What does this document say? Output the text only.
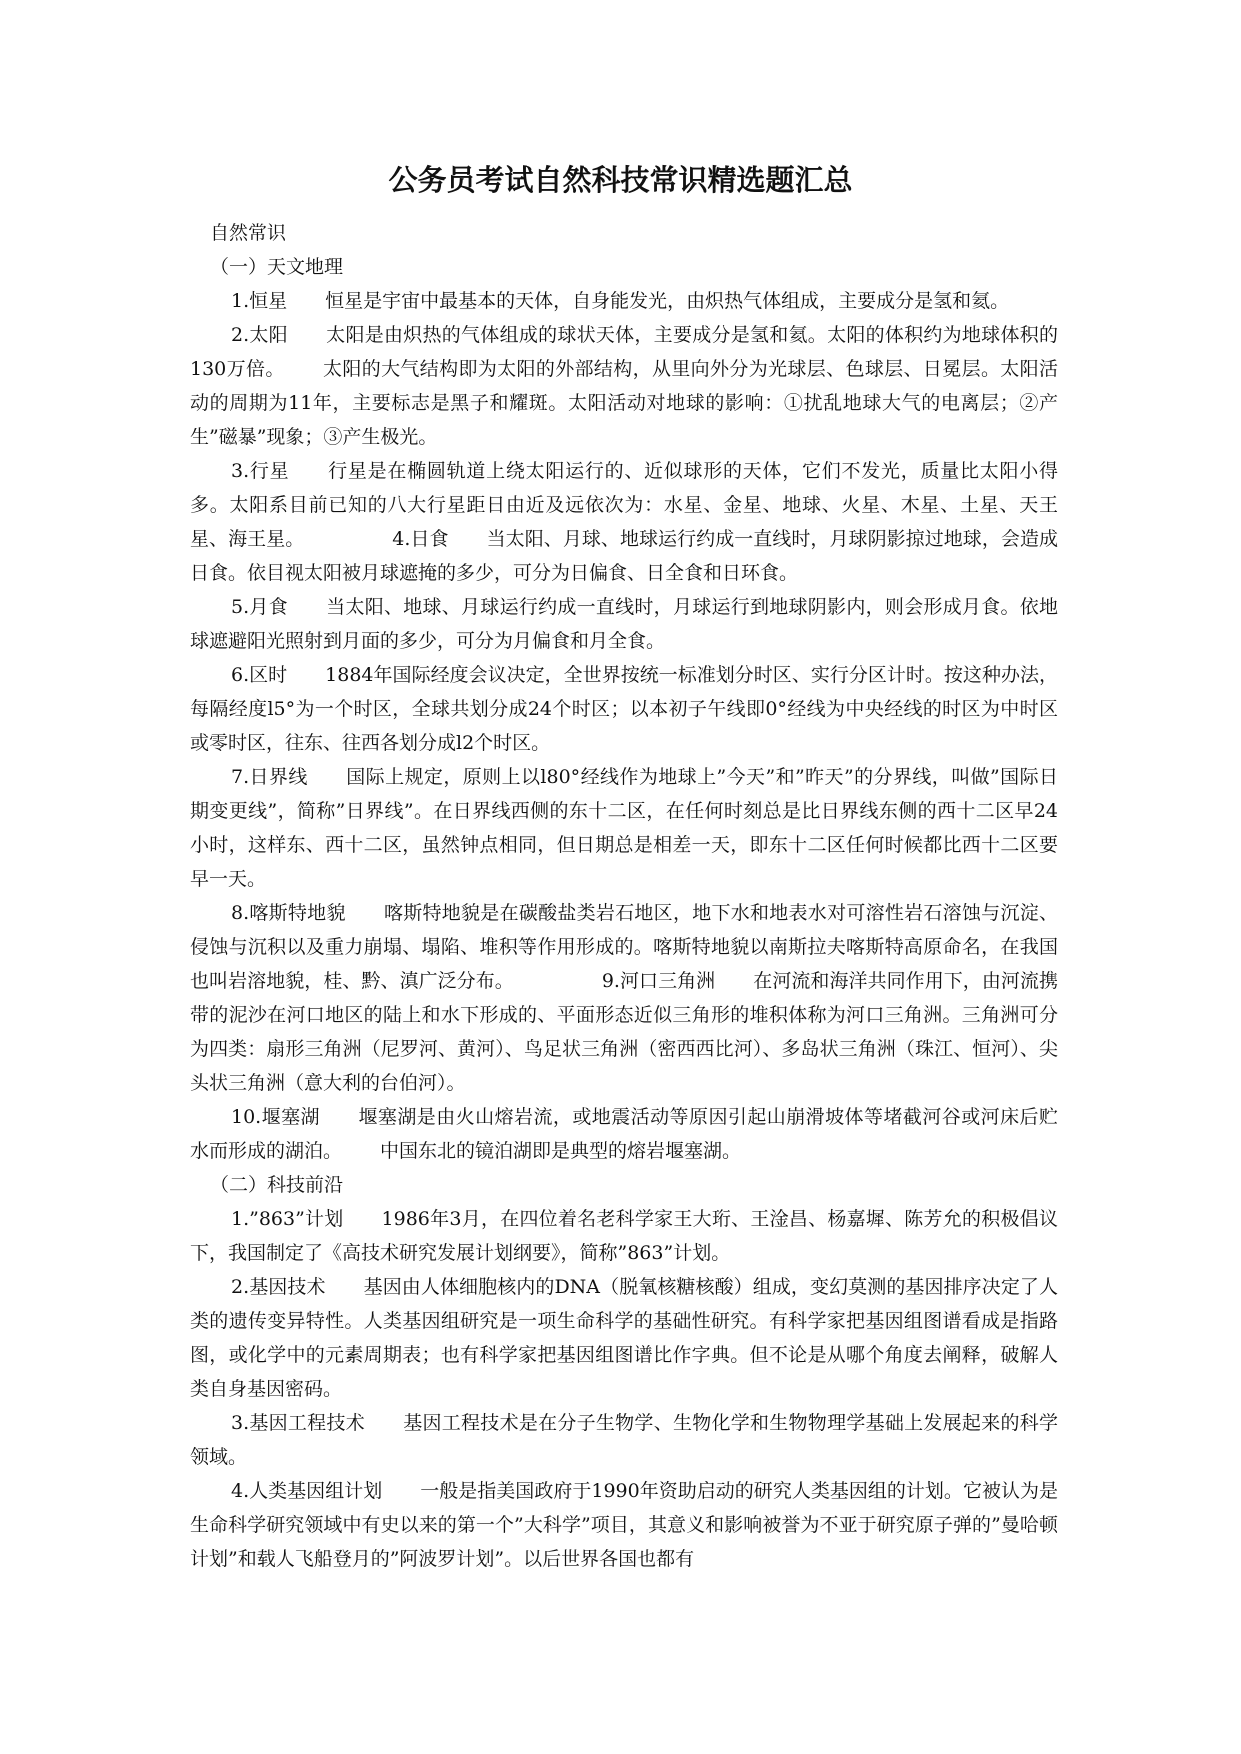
公务员考试自然科技常识精选题汇总

自然常识

（一）天文地理

1.恒星 恒星是宇宙中最基本的天体，自身能发光，由炽热气体组成，主要成分是氢和氦。

2.太阳 太阳是由炽热的气体组成的球状天体，主要成分是氢和氦。太阳的体积约为地球体积的130万倍。 太阳的大气结构即为太阳的外部结构，从里向外分为光球层、色球层、日冕层。太阳活动的周期为11年，主要标志是黑子和耀斑。太阳活动对地球的影响：①扰乱地球大气的电离层；②产生”磁暴”现象；③产生极光。

3.行星 行星是在椭圆轨道上绕太阳运行的、近似球形的天体，它们不发光，质量比太阳小得多。太阳系目前已知的八大行星距日由近及远依次为：水星、金星、地球、火星、木星、土星、天王星、海王星。	4.日食 当太阳、月球、地球运行约成一直线时，月球阴影掠过地球，会造成日食。依目视太阳被月球遮掩的多少，可分为日偏食、日全食和日环食。

5.月食 当太阳、地球、月球运行约成一直线时，月球运行到地球阴影内，则会形成月食。依地球遮避阳光照射到月面的多少，可分为月偏食和月全食。

6.区时 1884年国际经度会议决定，全世界按统一标准划分时区、实行分区计时。按这种办法，每隔经度l5°为一个时区，全球共划分成24个时区；以本初子午线即0°经线为中央经线的时区为中时区或零时区，往东、往西各划分成l2个时区。

7.日界线 国际上规定，原则上以l80°经线作为地球上”今天”和”昨天”的分界线，叫做”国际日期变更线”，简称”日界线”。在日界线西侧的东十二区，在任何时刻总是比日界线东侧的西十二区早24小时，这样东、西十二区，虽然钟点相同，但日期总是相差一天，即东十二区任何时候都比西十二区要早一天。

8.喀斯特地貌 喀斯特地貌是在碳酸盐类岩石地区，地下水和地表水对可溶性岩石溶蚀与沉淀、侵蚀与沉积以及重力崩塌、塌陷、堆积等作用形成的。喀斯特地貌以南斯拉夫喀斯特高原命名，在我国也叫岩溶地貌，桂、黔、滇广泛分布。	9.河口三角洲 在河流和海洋共同作用下，由河流携带的泥沙在河口地区的陆上和水下形成的、平面形态近似三角形的堆积体称为河口三角洲。三角洲可分为四类：扇形三角洲（尼罗河、黄河）、鸟足状三角洲（密西西比河）、多岛状三角洲（珠江、恒河）、尖头状三角洲（意大利的台伯河）。

10.堰塞湖 堰塞湖是由火山熔岩流，或地震活动等原因引起山崩滑坡体等堵截河谷或河床后贮水而形成的湖泊。 中国东北的镜泊湖即是典型的熔岩堰塞湖。

（二）科技前沿

1.”863”计划 1986年3月，在四位着名老科学家王大珩、王淦昌、杨嘉墀、陈芳允的积极倡议下，我国制定了《高技术研究发展计划纲要》，简称”863”计划。

2.基因技术 基因由人体细胞核内的DNA（脱氧核糖核酸）组成，变幻莫测的基因排序决定了人类的遗传变异特性。人类基因组研究是一项生命科学的基础性研究。有科学家把基因组图谱看成是指路图，或化学中的元素周期表；也有科学家把基因组图谱比作字典。但不论是从哪个角度去阐释，破解人类自身基因密码。

3.基因工程技术 基因工程技术是在分子生物学、生物化学和生物物理学基础上发展起来的科学领域。

4.人类基因组计划 一般是指美国政府于1990年资助启动的研究人类基因组的计划。它被认为是生命科学研究领域中有史以来的第一个”大科学”项目，其意义和影响被誉为不亚于研究原子弹的”曼哈顿计划”和载人飞船登月的”阿波罗计划”。以后世界各国也都有
